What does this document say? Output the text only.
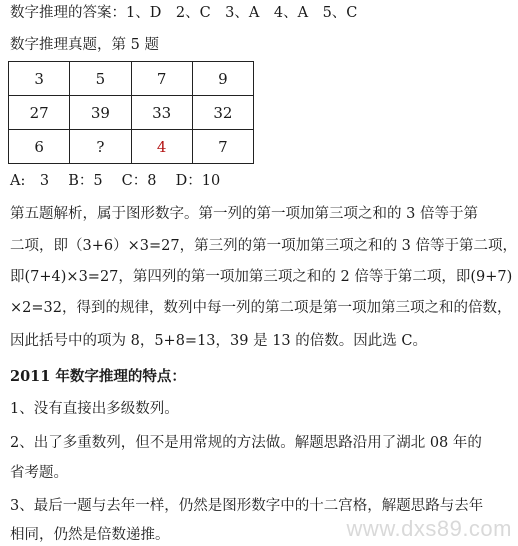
数字推理的答案：1、D　2、C　3、A　4、A　5、C
数字推理真题，第 5 题
3	5	7	9
27	39	33	32
6	?	4	7
A:　3　 B：5　 C：8　 D：10
第五题解析，属于图形数字。第一列的第一项加第三项之和的 3 倍等于第
二项，即（3+6）×3=27，第三列的第一项加第三项之和的 3 倍等于第二项，
即(7+4)×3=27，第四列的第一项加第三项之和的 2 倍等于第二项，即(9+7)
×2=32，得到的规律，数列中每一列的第二项是第一项加第三项之和的倍数，
因此括号中的项为 8，5+8=13，39 是 13 的倍数。因此选 C。
2011 年数字推理的特点：
1、没有直接出多级数列。
2、出了多重数列，但不是用常规的方法做。解题思路沿用了湖北 08 年的
省考题。
3、最后一题与去年一样，仍然是图形数字中的十二宫格，解题思路与去年
相同，仍然是倍数递推。	www.dxs89.com
